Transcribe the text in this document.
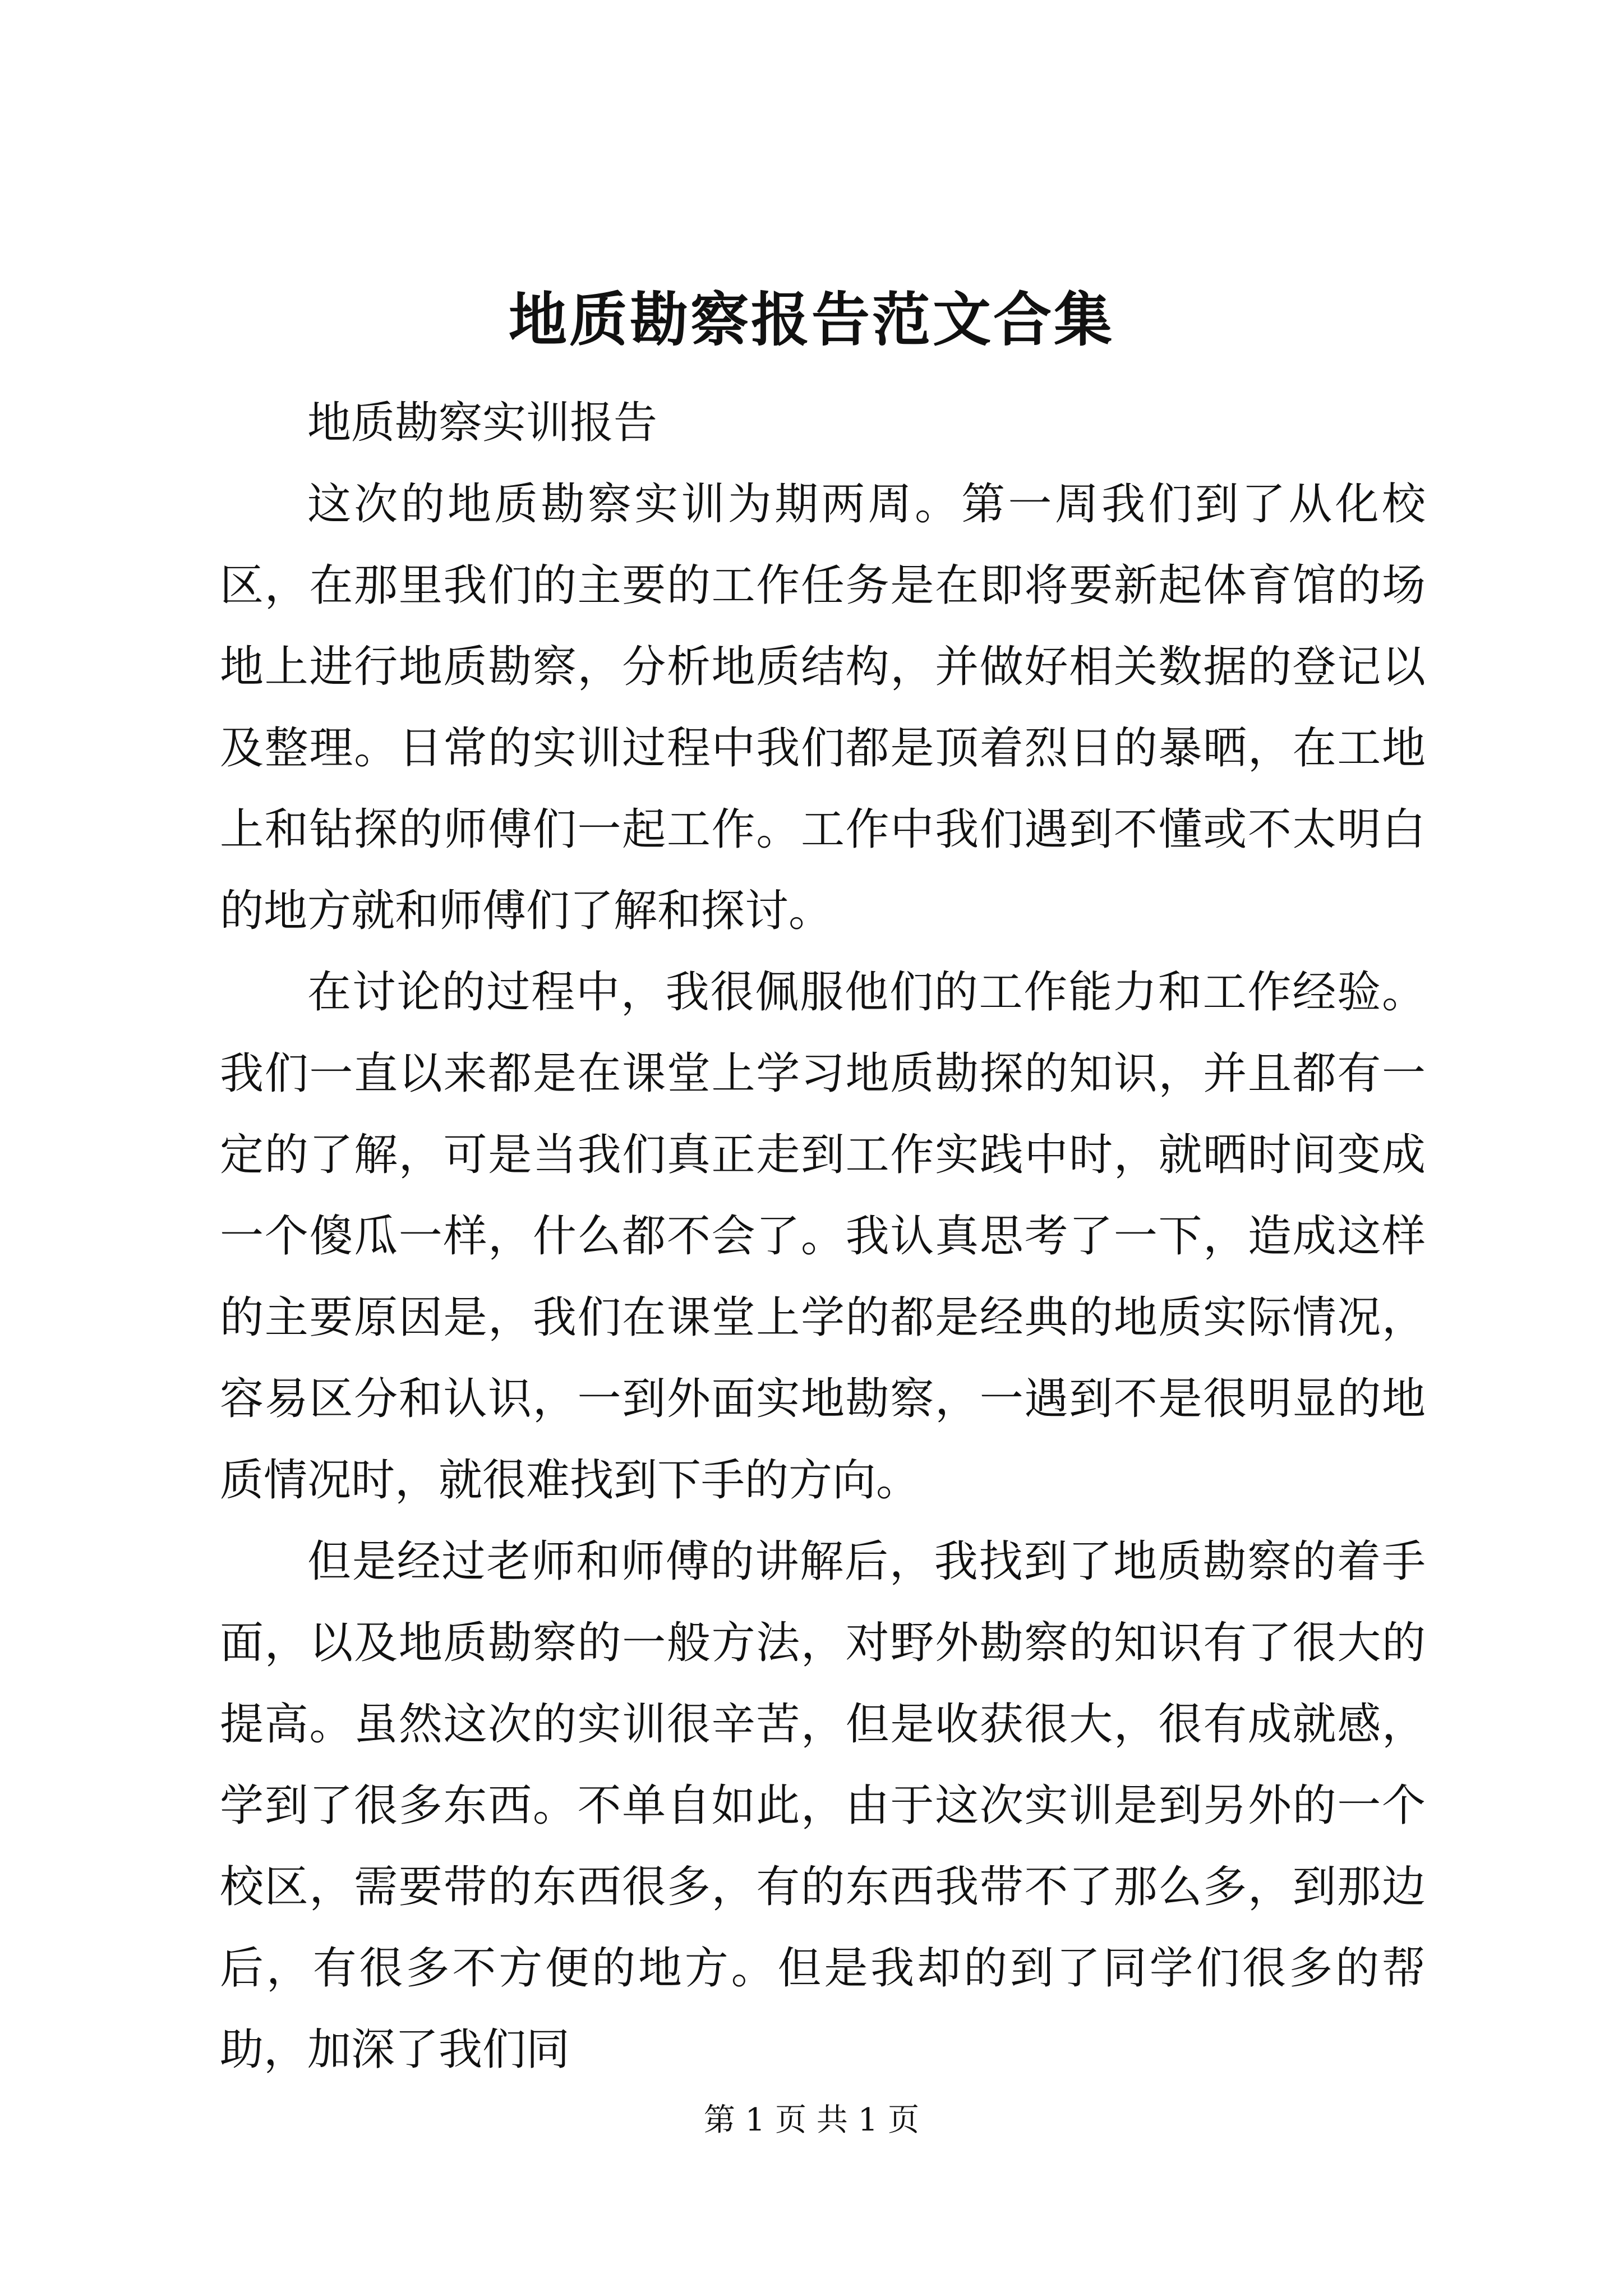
地质勘察报告范文合集

地质勘察实训报告

这次的地质勘察实训为期两周。第一周我们到了从化校区，在那里我们的主要的工作任务是在即将要新起体育馆的场地上进行地质勘察，分析地质结构，并做好相关数据的登记以及整理。日常的实训过程中我们都是顶着烈日的暴晒，在工地上和钻探的师傅们一起工作。工作中我们遇到不懂或不太明白的地方就和师傅们了解和探讨。

在讨论的过程中，我很佩服他们的工作能力和工作经验。我们一直以来都是在课堂上学习地质勘探的知识，并且都有一定的了解，可是当我们真正走到工作实践中时，就晒时间变成一个傻瓜一样，什么都不会了。我认真思考了一下，造成这样的主要原因是，我们在课堂上学的都是经典的地质实际情况，容易区分和认识，一到外面实地勘察，一遇到不是很明显的地质情况时，就很难找到下手的方向。

但是经过老师和师傅的讲解后，我找到了地质勘察的着手面，以及地质勘察的一般方法，对野外勘察的知识有了很大的提高。虽然这次的实训很辛苦，但是收获很大，很有成就感，学到了很多东西。不单自如此，由于这次实训是到另外的一个校区，需要带的东西很多，有的东西我带不了那么多，到那边后，有很多不方便的地方。但是我却的到了同学们很多的帮助，加深了我们同

第 1 页 共 1 页
